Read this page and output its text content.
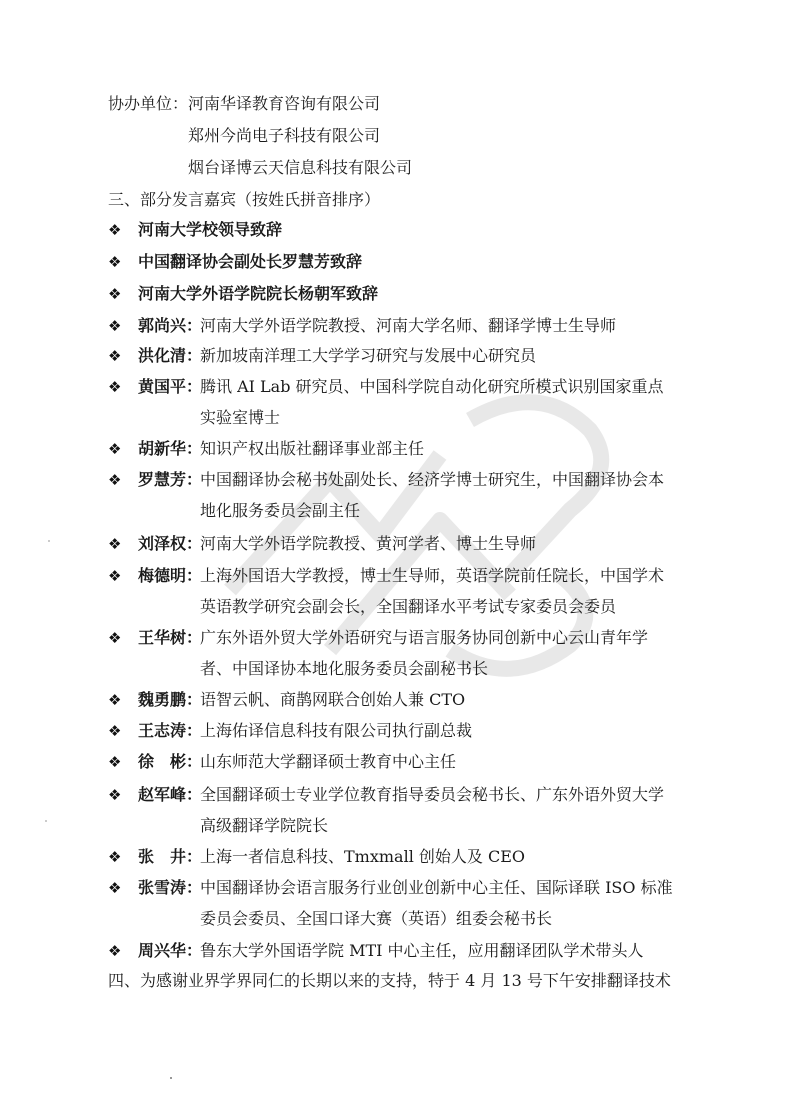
协办单位： 河南华译教育咨询有限公司
郑州今尚电子科技有限公司
烟台译博云天信息科技有限公司
三、部分发言嘉宾（按姓氏拼音排序）
❖ 河南大学校领导致辞
❖ 中国翻译协会副处长罗慧芳致辞
❖ 河南大学外语学院院长杨朝军致辞
❖ 郭尚兴：
河南大学外语学院教授、河南大学名师、翻译学博士生导师
❖ 洪化清：
新加坡南洋理工大学学习研究与发展中心研究员
❖ 黄国平：
腾讯 AI Lab 研究员、中国科学院自动化研究所模式识别国家重点
实验室博士
❖ 胡新华：
知识产权出版社翻译事业部主任
❖ 罗慧芳：
中国翻译协会秘书处副处长、经济学博士研究生，中国翻译协会本
地化服务委员会副主任
❖ 刘泽权：
河南大学外语学院教授、黄河学者、博士生导师
❖ 梅德明：
上海外国语大学教授，博士生导师，英语学院前任院长，中国学术
英语教学研究会副会长，全国翻译水平考试专家委员会委员
❖ 王华树：
广东外语外贸大学外语研究与语言服务协同创新中心云山青年学
者、中国译协本地化服务委员会副秘书长
❖ 魏勇鹏：
语智云帆、商鹊网联合创始人兼 CTO
❖ 王志涛：
上海佑译信息科技有限公司执行副总裁
❖ 徐　彬：
山东师范大学翻译硕士教育中心主任
❖ 赵军峰：
全国翻译硕士专业学位教育指导委员会秘书长、广东外语外贸大学
高级翻译学院院长
❖ 张　井：
上海一者信息科技、Tmxmall 创始人及 CEO
❖ 张雪涛：
中国翻译协会语言服务行业创业创新中心主任、国际译联 ISO 标准
委员会委员、全国口译大赛（英语）组委会秘书长
❖ 周兴华：
鲁东大学外国语学院 MTI 中心主任，应用翻译团队学术带头人
四、为感谢业界学界同仁的长期以来的支持，特于 4 月 13 号下午安排翻译技术
